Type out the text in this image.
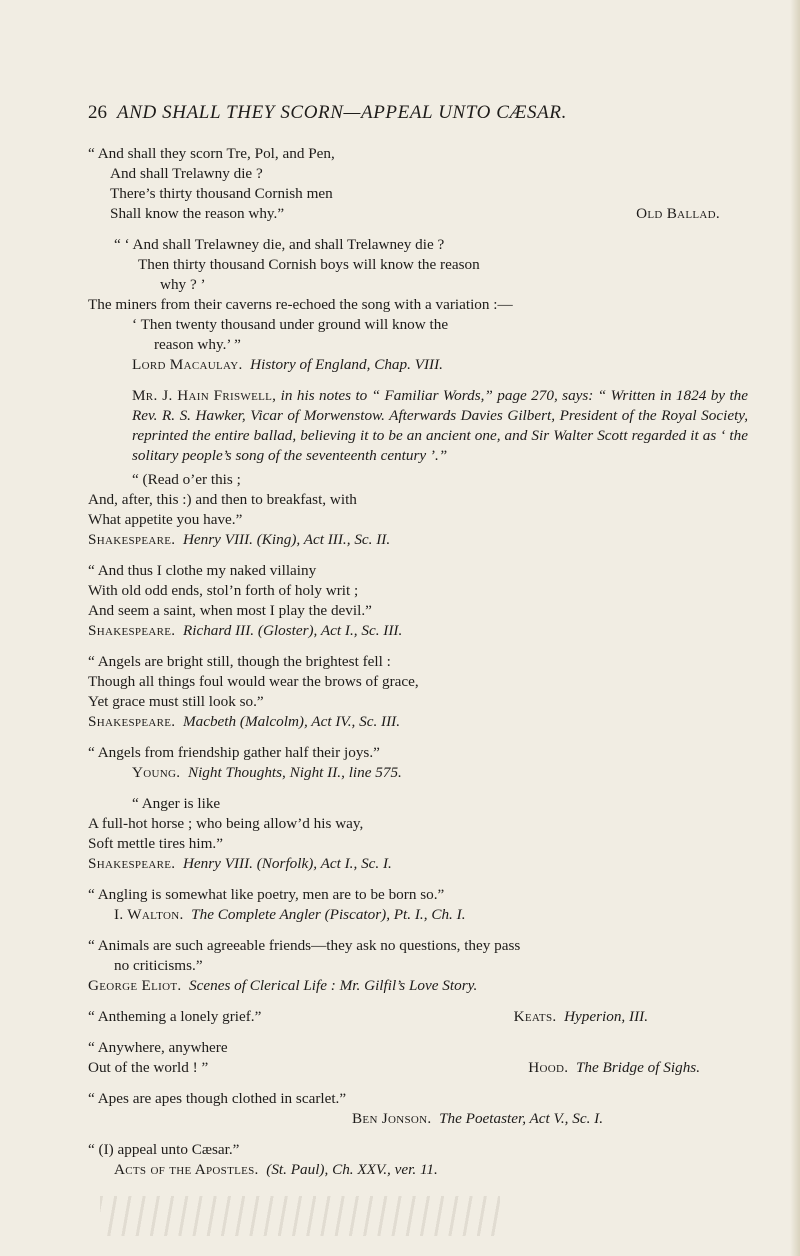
26 AND SHALL THEY SCORN—APPEAL UNTO CÆSAR.
“ And shall they scorn Tre, Pol, and Pen,
And shall Trelawny die ?
There’s thirty thousand Cornish men
Shall know the reason why.”	Old Ballad.
“ ‘ And shall Trelawney die, and shall Trelawney die ?
Then thirty thousand Cornish boys will know the reason
why ? ’
The miners from their caverns re-echoed the song with a variation :—
‘ Then twenty thousand under ground will know the
reason why.’ ”
Lord Macaulay. History of England, Chap. VIII.
Mr. J. Hain Friswell, in his notes to “ Familiar Words,” page 270, says: “ Written in 1824 by the Rev. R. S. Hawker, Vicar of Morwenstow. Afterwards Davies Gilbert, President of the Royal Society, reprinted the entire ballad, believing it to be an ancient one, and Sir Walter Scott regarded it as ‘ the solitary people’s song of the seventeenth century ’.”
“ (Read o’er this ;
And, after, this :) and then to breakfast, with
What appetite you have.”
Shakespeare. Henry VIII. (King), Act III., Sc. II.
“ And thus I clothe my naked villainy
With old odd ends, stol’n forth of holy writ ;
And seem a saint, when most I play the devil.”
Shakespeare. Richard III. (Gloster), Act I., Sc. III.
“ Angels are bright still, though the brightest fell :
Though all things foul would wear the brows of grace,
Yet grace must still look so.”
Shakespeare. Macbeth (Malcolm), Act IV., Sc. III.
“ Angels from friendship gather half their joys.”
Young. Night Thoughts, Night II., line 575.
“ Anger is like
A full-hot horse ; who being allow’d his way,
Soft mettle tires him.”
Shakespeare. Henry VIII. (Norfolk), Act I., Sc. I.
“ Angling is somewhat like poetry, men are to be born so.”
I. Walton. The Complete Angler (Piscator), Pt. I., Ch. I.
“ Animals are such agreeable friends—they ask no questions, they pass
no criticisms.”
George Eliot. Scenes of Clerical Life : Mr. Gilfil’s Love Story.
“ Antheming a lonely grief.”	Keats. Hyperion, III.
“ Anywhere, anywhere
Out of the world ! ”	Hood. The Bridge of Sighs.
“ Apes are apes though clothed in scarlet.”
Ben Jonson. The Poetaster, Act V., Sc. I.
“ (I) appeal unto Cæsar.”
Acts of the Apostles. (St. Paul), Ch. XXV., ver. 11.
